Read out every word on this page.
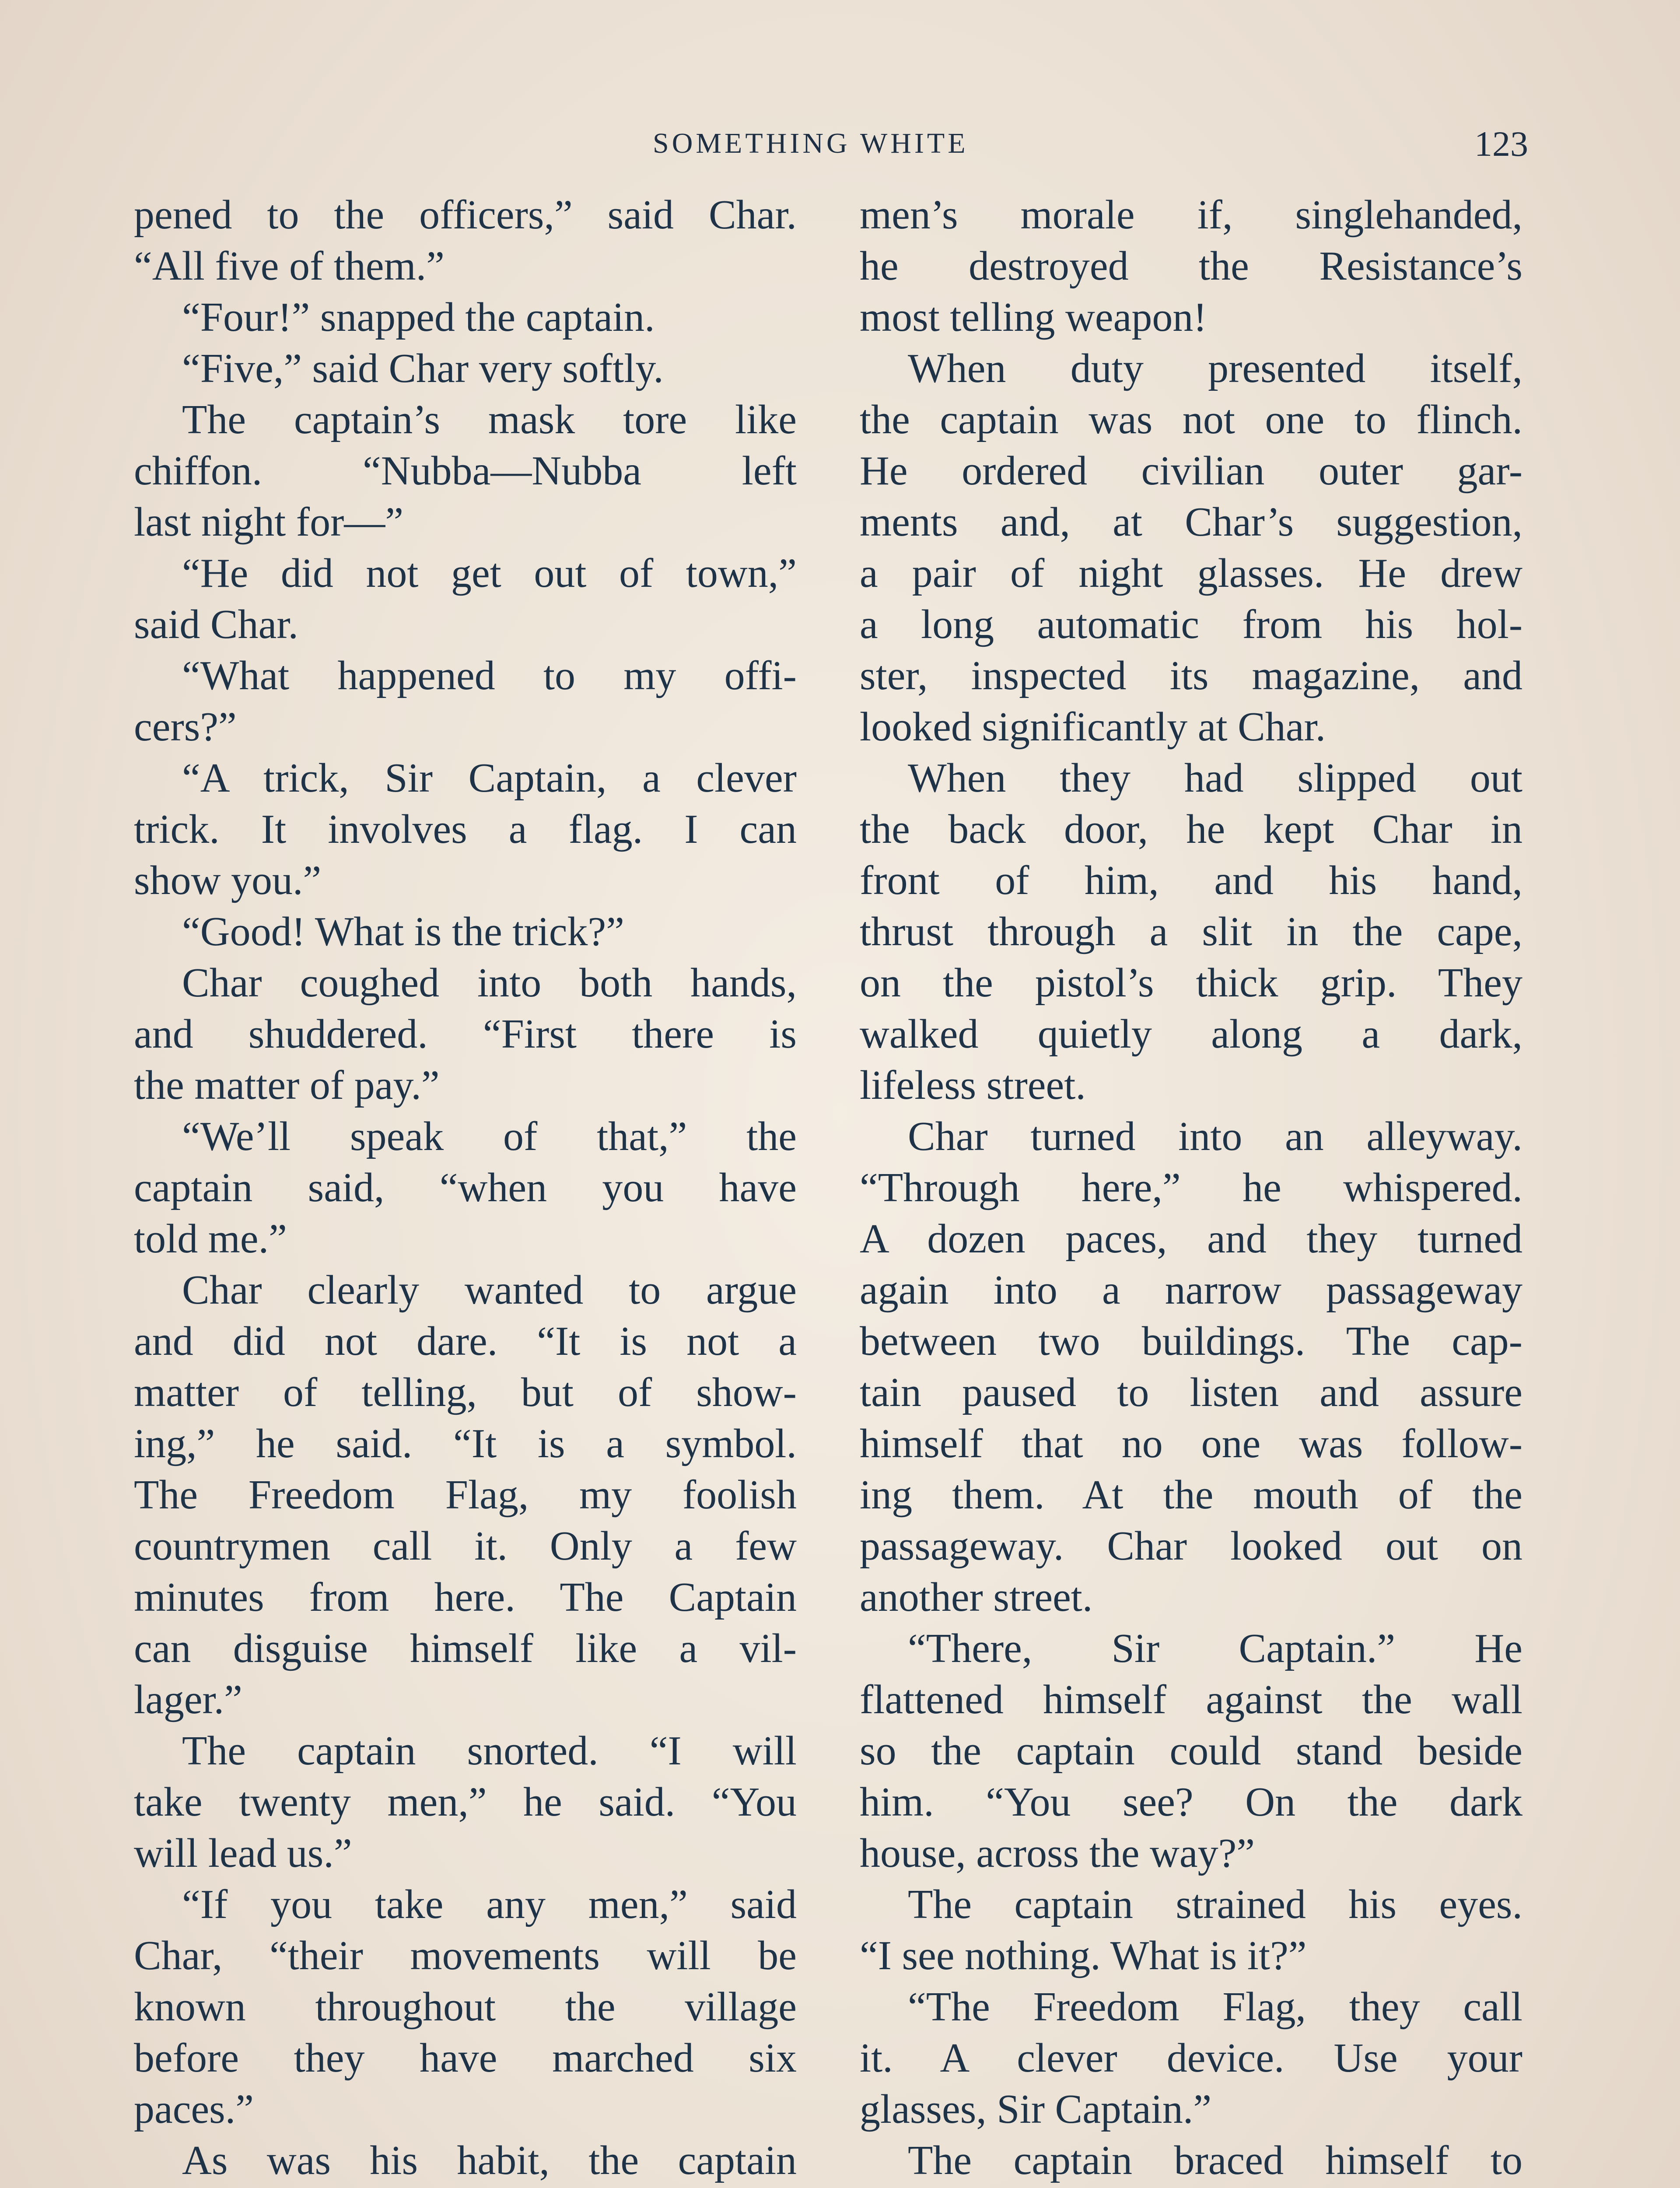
SOMETHING WHITE	123
pened to the officers,” said Char.
“All five of them.”
“Four!” snapped the captain.
“Five,” said Char very softly.
The captain’s mask tore like
chiffon. “Nubba—Nubba left
last night for—”
“He did not get out of town,”
said Char.
“What happened to my offi-
cers?”
“A trick, Sir Captain, a clever
trick. It involves a flag. I can
show you.”
“Good! What is the trick?”
Char coughed into both hands,
and shuddered. “First there is
the matter of pay.”
“We’ll speak of that,” the
captain said, “when you have
told me.”
Char clearly wanted to argue
and did not dare. “It is not a
matter of telling, but of show-
ing,” he said. “It is a symbol.
The Freedom Flag, my foolish
countrymen call it. Only a few
minutes from here. The Captain
can disguise himself like a vil-
lager.”
The captain snorted. “I will
take twenty men,” he said. “You
will lead us.”
“If you take any men,” said
Char, “their movements will be
known throughout the village
before they have marched six
paces.”
As was his habit, the captain
men’s morale if, singlehanded,
he destroyed the Resistance’s
most telling weapon!
When duty presented itself,
the captain was not one to flinch.
He ordered civilian outer gar-
ments and, at Char’s suggestion,
a pair of night glasses. He drew
a long automatic from his hol-
ster, inspected its magazine, and
looked significantly at Char.
When they had slipped out
the back door, he kept Char in
front of him, and his hand,
thrust through a slit in the cape,
on the pistol’s thick grip. They
walked quietly along a dark,
lifeless street.
Char turned into an alleyway.
“Through here,” he whispered.
A dozen paces, and they turned
again into a narrow passageway
between two buildings. The cap-
tain paused to listen and assure
himself that no one was follow-
ing them. At the mouth of the
passageway. Char looked out on
another street.
“There, Sir Captain.” He
flattened himself against the wall
so the captain could stand beside
him. “You see? On the dark
house, across the way?”
The captain strained his eyes.
“I see nothing. What is it?”
“The Freedom Flag, they call
it. A clever device. Use your
glasses, Sir Captain.”
The captain braced himself to
